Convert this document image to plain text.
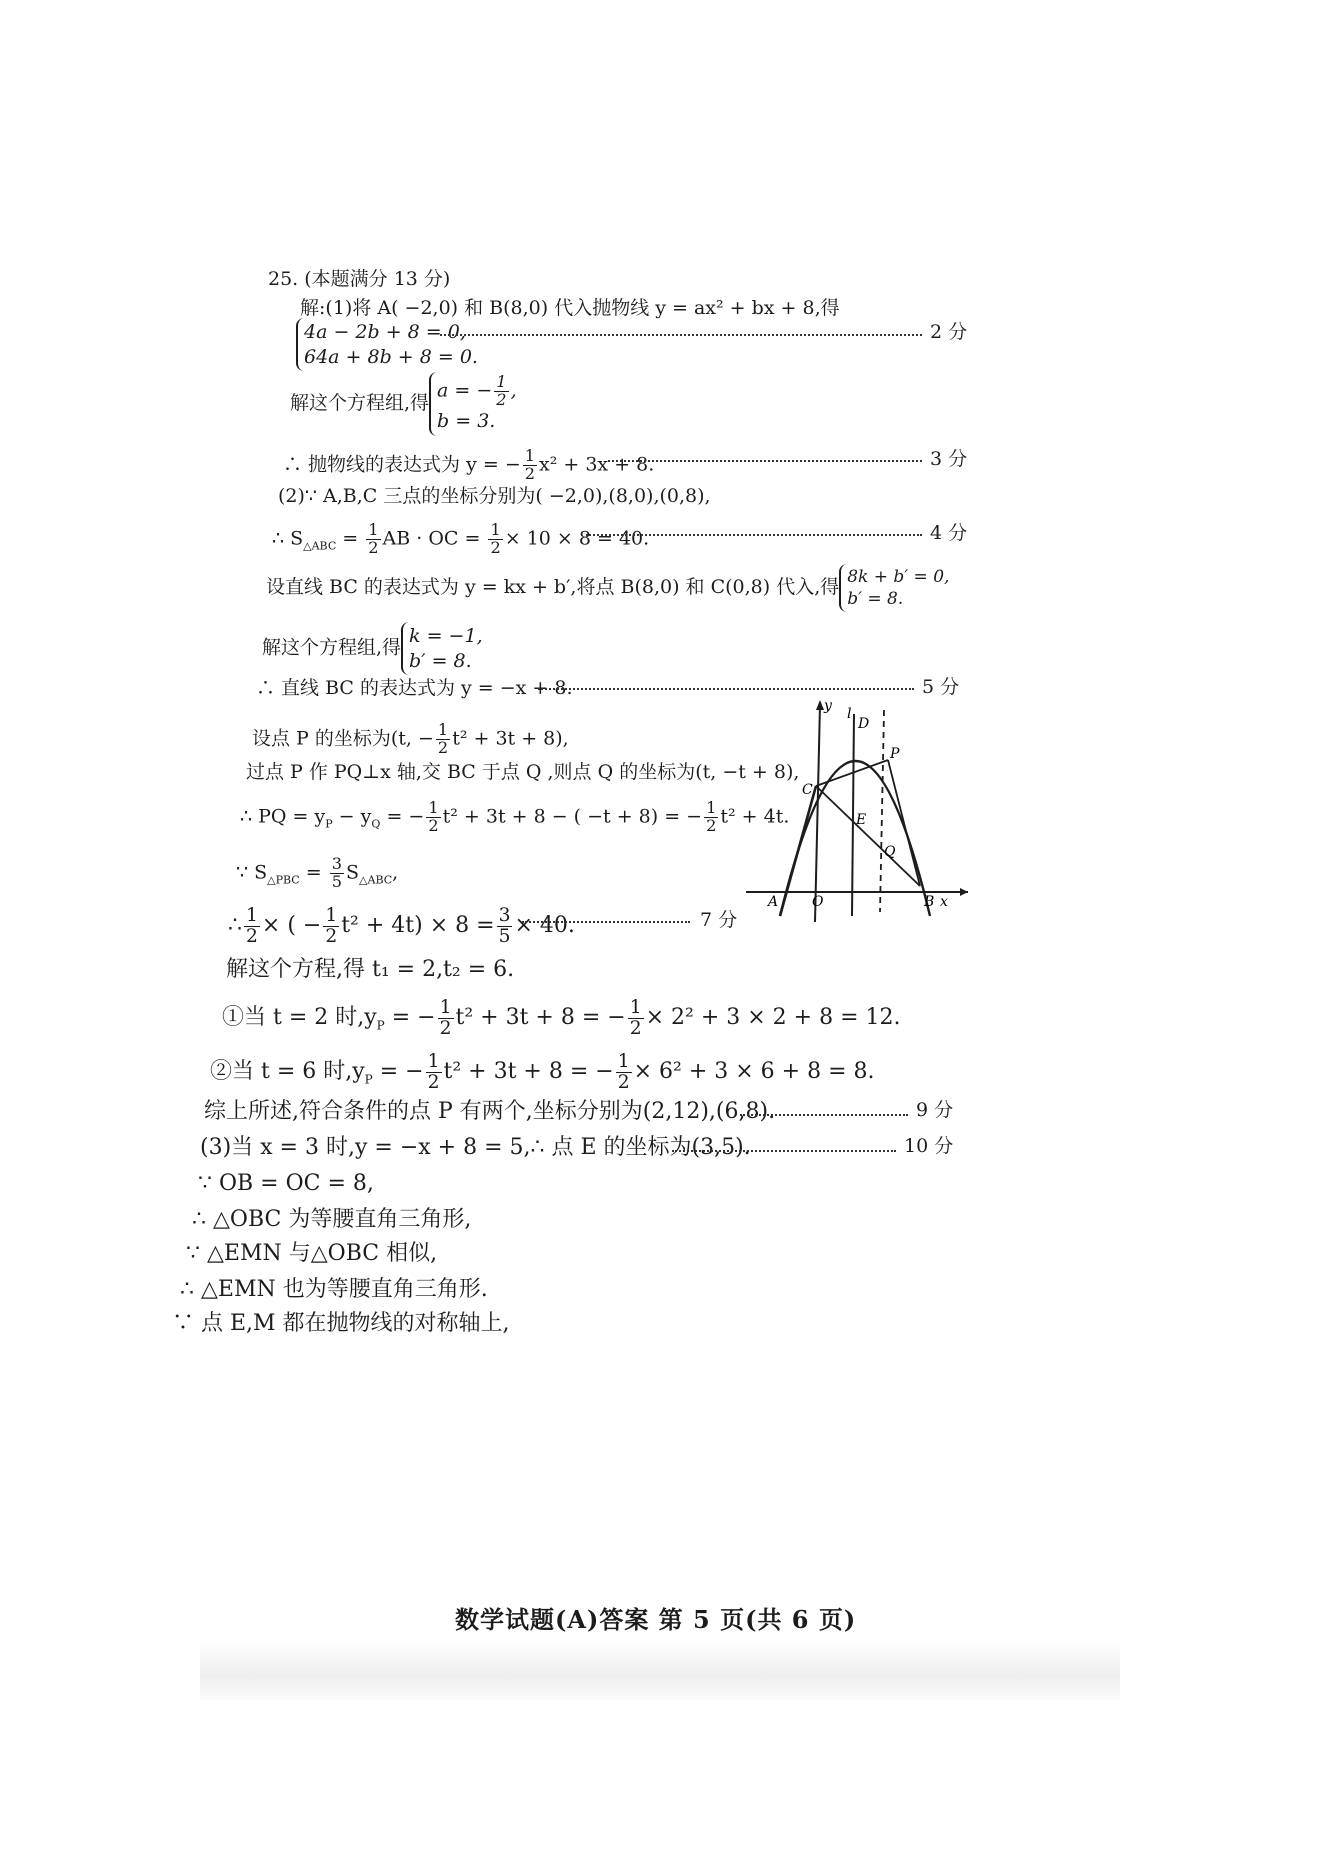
25. (本题满分 13 分)
解:(1)将 A( −2,0) 和 B(8,0) 代入抛物线 y = ax² + bx + 8,得
4a − 2b + 8 = 0,
64a + 8b + 8 = 0.
2 分
解这个方程组,得
a = − $\frac{1}{2}$ ,
b = 3.
∴ 抛物线的表达式为 y = − $\frac{1}{2} x^2 + 3x + 8$.	3 分
(2)∵ A,B,C 三点的坐标分别为( −2,0),(8,0),(0,8),
∴ $S_{\triangle ABC} = \frac{1}{2}$ AB · OC = $\frac{1}{2} \times 10 \times 8 = 40$.	4 分
设直线 BC 的表达式为 y = kx + b′,将点 B(8,0) 和 C(0,8) 代入,得 8k + b′ = 0,
b′ = 8.
解这个方程组,得
k = −1,
b′ = 8.
∴ 直线 BC 的表达式为 y = −x + 8.	5 分
设点 P 的坐标为(t, − $\frac{1}{2} t^2 + 3t + 8$),
过点 P 作 PQ⊥x 轴,交 BC 于点 Q ,则点 Q 的坐标为(t, −t + 8),
∴ PQ = $y_P - y_Q$ = − $\frac{1}{2} t^2 + 3t + 8$ − ( −t + 8) = − $\frac{1}{2} t^2 + 4t$.
∵ $S_{\triangle PBC} = \frac{3}{5} S_{\triangle ABC}$,
∴ $\frac{1}{2}$ × ( − $\frac{1}{2} t^2 + 4t) \times 8 = \frac{3}{5} \times 40$.	7 分
解这个方程,得 t₁ = 2,t₂ = 6.
①当 t = 2 时$,y_P$ = − $\frac{1}{2} t^2 + 3t + 8$ = − $\frac{1}{2} \times 2^2 + 3 \times 2 + 8 = 12$.
②当 t = 6 时$,y_P$ = − $\frac{1}{2} t^2 + 3t + 8$ = − $\frac{1}{2} \times 6^2 + 3 \times 6 + 8 = 8$.
综上所述,符合条件的点 P 有两个,坐标分别为(2,12),(6,8).	9 分
(3)当 x = 3 时,y = −x + 8 = 5,∴ 点 E 的坐标为(3,5).	10 分
∵ OB = OC = 8,
∴ △OBC 为等腰直角三角形,
∵ △EMN 与△OBC 相似,
∴ △EMN 也为等腰直角三角形.
∵ 点 E,M 都在抛物线的对称轴上,
y l
D
P
C
E
Q
A O	B x
数学试题(A)答案 第 5 页(共 6 页)
